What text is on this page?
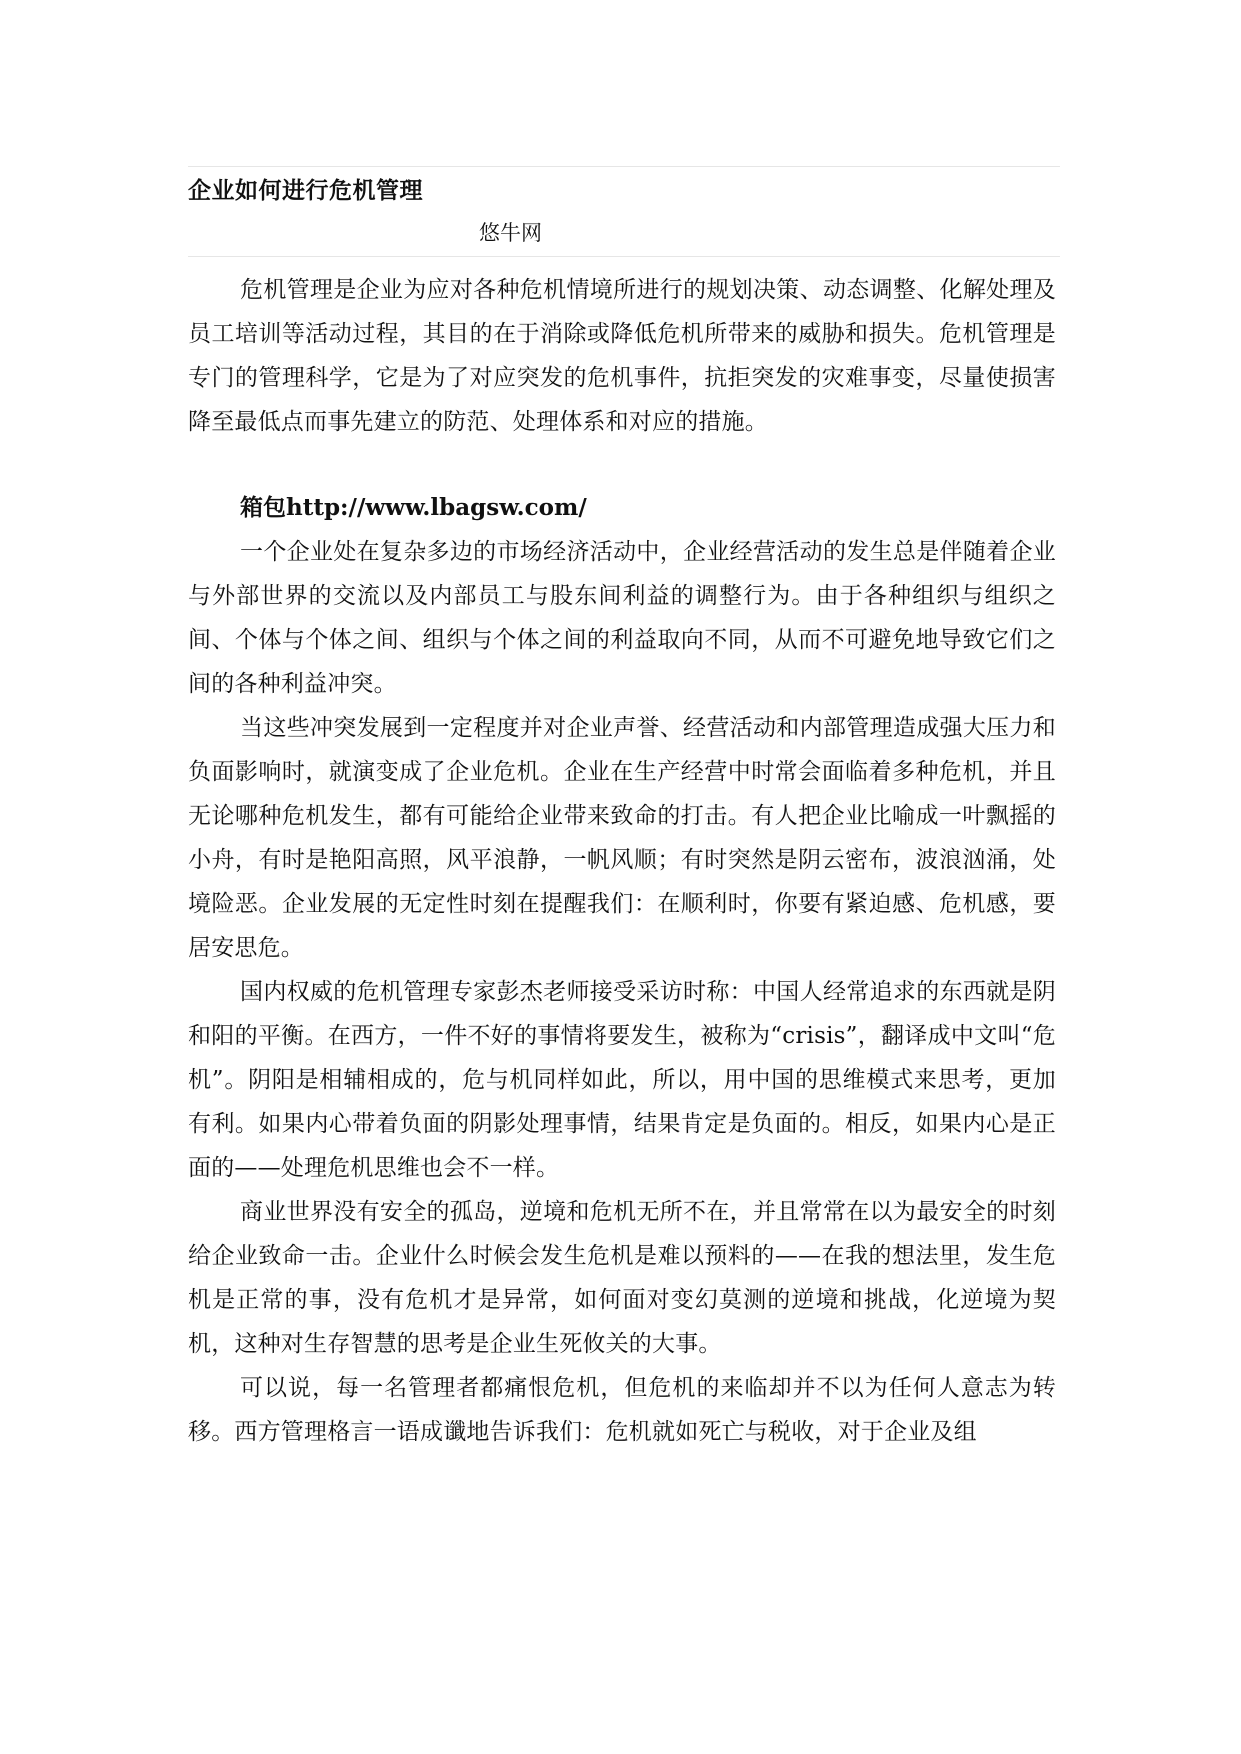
企业如何进行危机管理
悠牛网

危机管理是企业为应对各种危机情境所进行的规划决策、动态调整、化解处理及员工培训等活动过程，其目的在于消除或降低危机所带来的威胁和损失。危机管理是专门的管理科学，它是为了对应突发的危机事件，抗拒突发的灾难事变，尽量使损害降至最低点而事先建立的防范、处理体系和对应的措施。

箱包http://www.lbagsw.com/

一个企业处在复杂多边的市场经济活动中，企业经营活动的发生总是伴随着企业与外部世界的交流以及内部员工与股东间利益的调整行为。由于各种组织与组织之间、个体与个体之间、组织与个体之间的利益取向不同，从而不可避免地导致它们之间的各种利益冲突。

当这些冲突发展到一定程度并对企业声誉、经营活动和内部管理造成强大压力和负面影响时，就演变成了企业危机。企业在生产经营中时常会面临着多种危机，并且无论哪种危机发生，都有可能给企业带来致命的打击。有人把企业比喻成一叶飘摇的小舟，有时是艳阳高照，风平浪静，一帆风顺；有时突然是阴云密布，波浪汹涌，处境险恶。企业发展的无定性时刻在提醒我们：在顺利时，你要有紧迫感、危机感，要居安思危。

国内权威的危机管理专家彭杰老师接受采访时称：中国人经常追求的东西就是阴和阳的平衡。在西方，一件不好的事情将要发生，被称为“crisis”，翻译成中文叫“危机”。阴阳是相辅相成的，危与机同样如此，所以，用中国的思维模式来思考，更加有利。如果内心带着负面的阴影处理事情，结果肯定是负面的。相反，如果内心是正面的——处理危机思维也会不一样。

商业世界没有安全的孤岛，逆境和危机无所不在，并且常常在以为最安全的时刻给企业致命一击。企业什么时候会发生危机是难以预料的——在我的想法里，发生危机是正常的事，没有危机才是异常，如何面对变幻莫测的逆境和挑战，化逆境为契机，这种对生存智慧的思考是企业生死攸关的大事。

可以说，每一名管理者都痛恨危机，但危机的来临却并不以为任何人意志为转移。西方管理格言一语成谶地告诉我们：危机就如死亡与税收，对于企业及组
